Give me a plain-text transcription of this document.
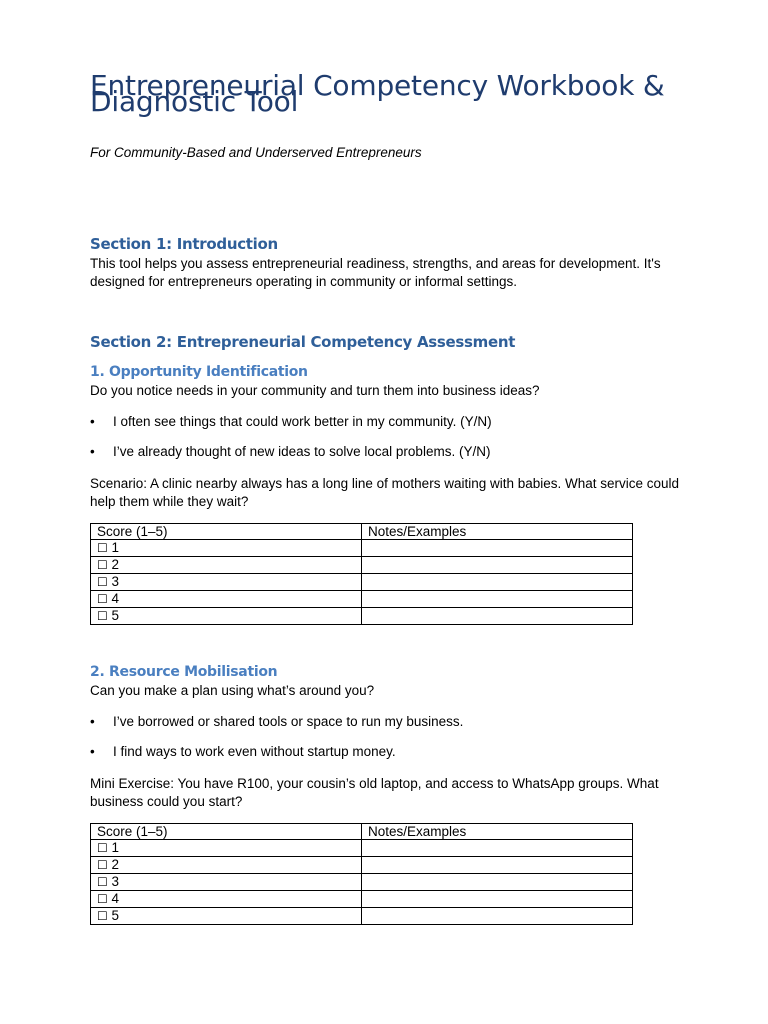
Entrepreneurial Competency Workbook & Diagnostic Tool

For Community-Based and Underserved Entrepreneurs

Section 1: Introduction

This tool helps you assess entrepreneurial readiness, strengths, and areas for development. It's designed for entrepreneurs operating in community or informal settings.

Section 2: Entrepreneurial Competency Assessment
1. Opportunity Identification

Do you notice needs in your community and turn them into business ideas?

• I often see things that could work better in my community. (Y/N)

• I’ve already thought of new ideas to solve local problems. (Y/N)

Scenario: A clinic nearby always has a long line of mothers waiting with babies. What service could help them while they wait?

Score (1–5)	Notes/Examples
☐ 1	
☐ 2	
☐ 3	
☐ 4	
☐ 5	
2. Resource Mobilisation

Can you make a plan using what’s around you?

• I’ve borrowed or shared tools or space to run my business.

• I find ways to work even without startup money.

Mini Exercise: You have R100, your cousin’s old laptop, and access to WhatsApp groups. What business could you start?

Score (1–5)	Notes/Examples
☐ 1	
☐ 2	
☐ 3	
☐ 4	
☐ 5	
